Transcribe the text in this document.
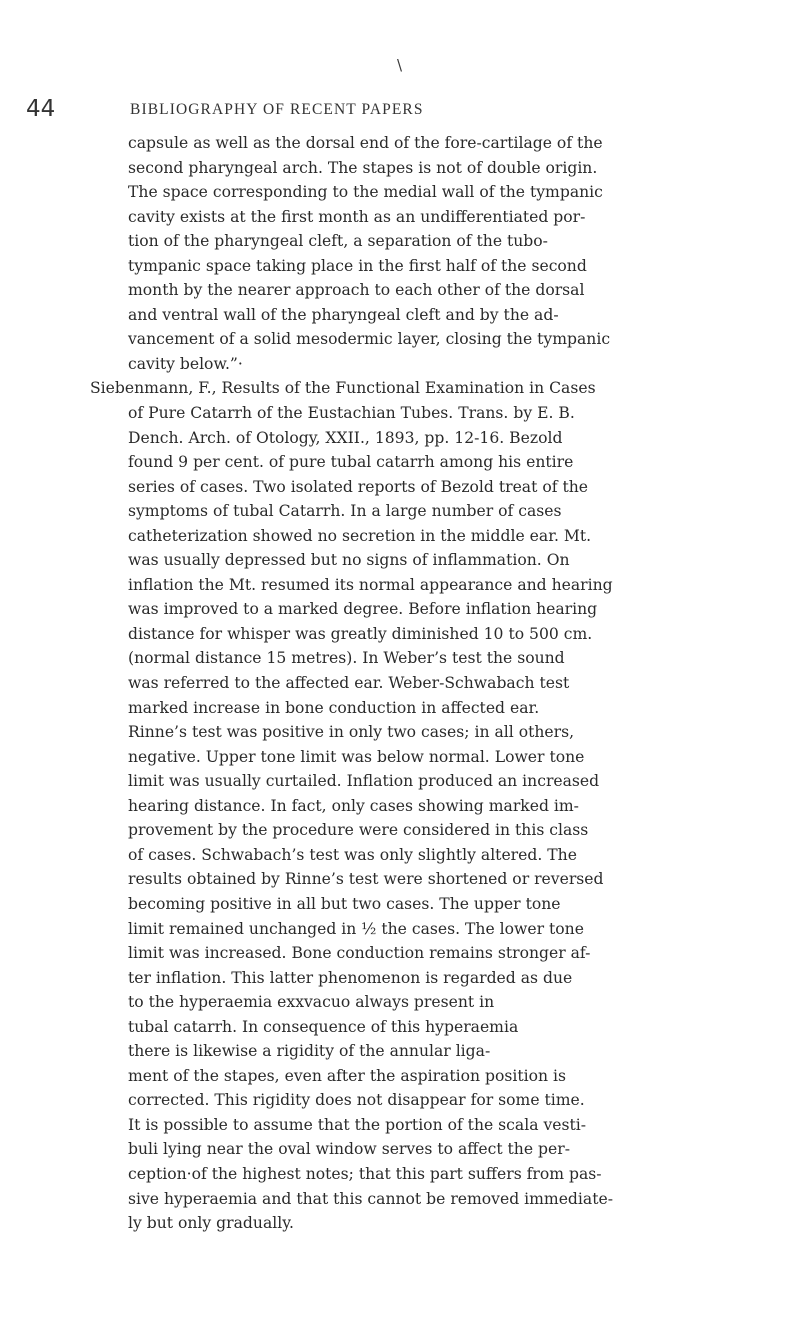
\
44	BIBLIOGRAPHY OF RECENT PAPERS
capsule as well as the dorsal end of the fore-cartilage of the
second pharyngeal arch. The stapes is not of double origin.
The space corresponding to the medial wall of the tympanic
cavity exists at the first month as an undifferentiated por-
tion of the pharyngeal cleft, a separation of the tubo-
tympanic space taking place in the first half of the second
month by the nearer approach to each other of the dorsal
and ventral wall of the pharyngeal cleft and by the ad-
vancement of a solid mesodermic layer, closing the tympanic
cavity below.”·
Siebenmann, F., Results of the Functional Examination in Cases
of Pure Catarrh of the Eustachian Tubes. Trans. by E. B.
Dench. Arch. of Otology, XXII., 1893, pp. 12-16. Bezold
found 9 per cent. of pure tubal catarrh among his entire
series of cases. Two isolated reports of Bezold treat of the
symptoms of tubal Catarrh. In a large number of cases
catheterization showed no secretion in the middle ear. Mt.
was usually depressed but no signs of inflammation. On
inflation the Mt. resumed its normal appearance and hearing
was improved to a marked degree. Before inflation hearing
distance for whisper was greatly diminished 10 to 500 cm.
(normal distance 15 metres). In Weber’s test the sound
was referred to the affected ear. Weber-Schwabach test
marked increase in bone conduction in affected ear.
Rinne’s test was positive in only two cases; in all others,
negative. Upper tone limit was below normal. Lower tone
limit was usually curtailed. Inflation produced an increased
hearing distance. In fact, only cases showing marked im-
provement by the procedure were considered in this class
of cases. Schwabach’s test was only slightly altered. The
results obtained by Rinne’s test were shortened or reversed
becoming positive in all but two cases. The upper tone
limit remained unchanged in ½ the cases. The lower tone
limit was increased. Bone conduction remains stronger af-
ter inflation. This latter phenomenon is regarded as due
to the hyperaemia exxvacuo always present in
tubal catarrh. In consequence of this hyperaemia
there is likewise a rigidity of the annular liga-
ment of the stapes, even after the aspiration position is
corrected. This rigidity does not disappear for some time.
It is possible to assume that the portion of the scala vesti-
buli lying near the oval window serves to affect the per-
ception·of the highest notes; that this part suffers from pas-
sive hyperaemia and that this cannot be removed immediate-
ly but only gradually.
